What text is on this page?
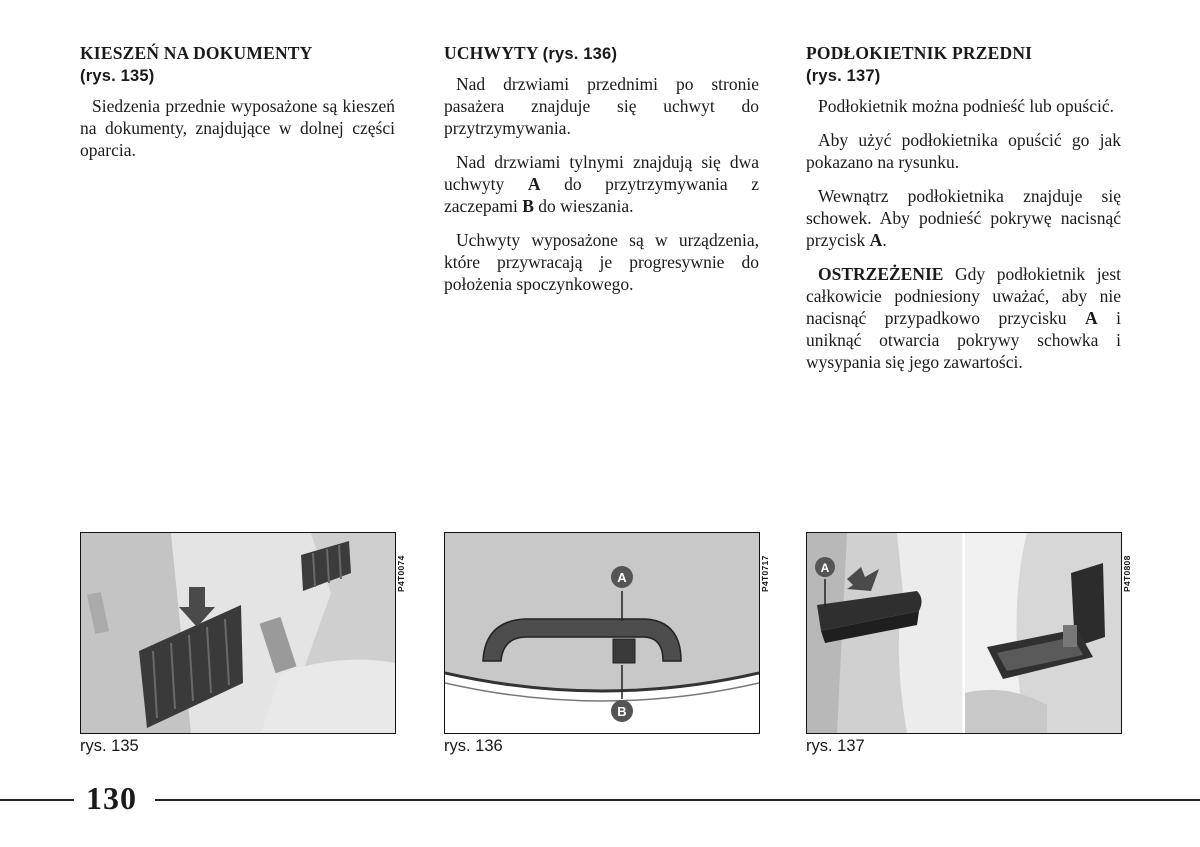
KIESZEŃ NA DOKUMENTY
(rys. 135)

Siedzenia przednie wyposażone są kieszeń na dokumenty, znajdujące w dolnej części oparcia.

UCHWYTY (rys. 136)

Nad drzwiami przednimi po stronie pasażera znajduje się uchwyt do przytrzymywania.

Nad drzwiami tylnymi znajdują się dwa uchwyty A do przytrzymywania z zaczepami B do wieszania.

Uchwyty wyposażone są w urządzenia, które przywracają je progresywnie do położenia spoczynkowego.

PODŁOKIETNIK PRZEDNI
(rys. 137)

Podłokietnik można podnieść lub opuścić.

Aby użyć podłokietnika opuścić go jak pokazano na rysunku.

Wewnątrz podłokietnika znajduje się schowek. Aby podnieść pokrywę nacisnąć przycisk A.

OSTRZEŻENIE Gdy podłokietnik jest całkowicie podniesiony uważać, aby nie nacisnąć przypadkowo przycisku A i uniknąć otwarcia pokrywy schowka i wysypania się jego zawartości.

P4T0074
rys. 135
A
B
P4T0717
rys. 136
A	P4T0808
rys. 137
130
